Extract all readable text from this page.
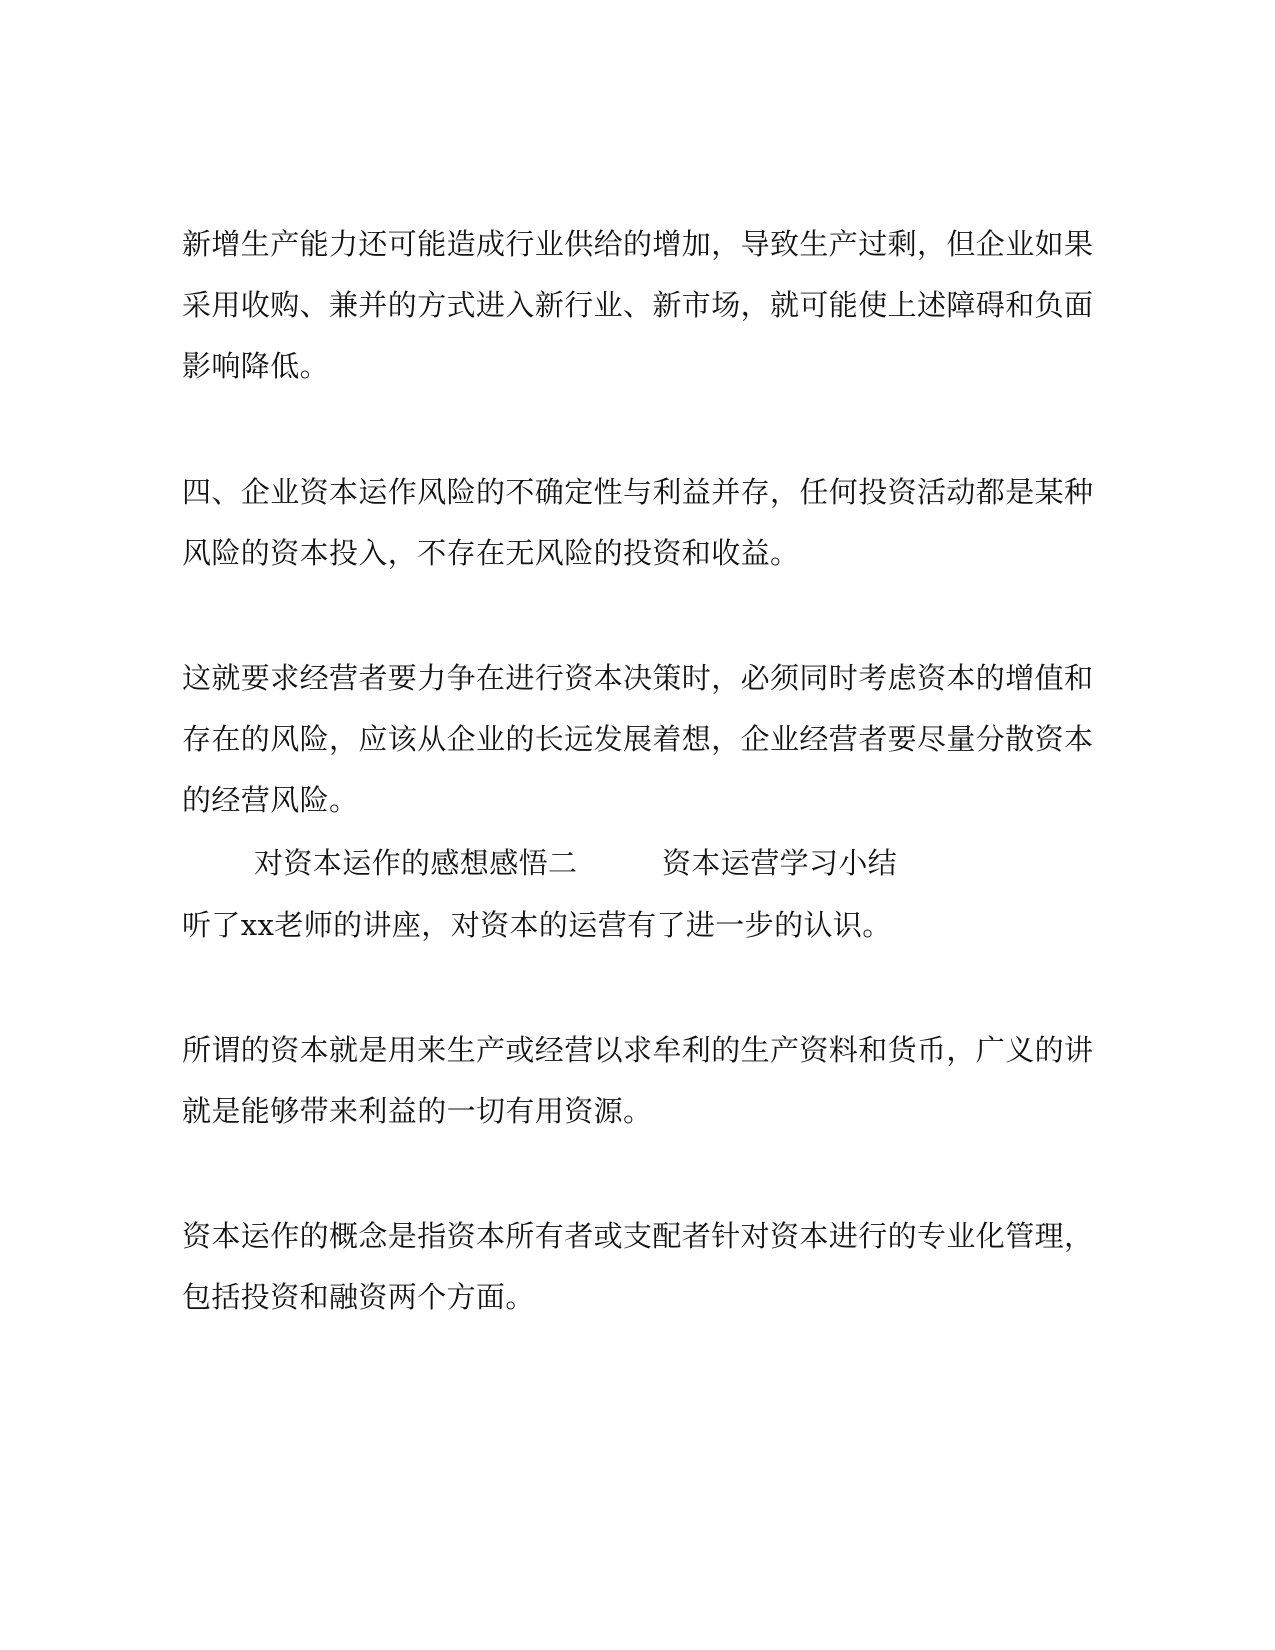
新增生产能力还可能造成行业供给的增加，导致生产过剩，但企业如果
采用收购、兼并的方式进入新行业、新市场，就可能使上述障碍和负面
影响降低。
四、企业资本运作风险的不确定性与利益并存，任何投资活动都是某种
风险的资本投入，不存在无风险的投资和收益。
这就要求经营者要力争在进行资本决策时，必须同时考虑资本的增值和
存在的风险，应该从企业的长远发展着想，企业经营者要尽量分散资本
的经营风险。
对资本运作的感想感悟二	资本运营学习小结
听了xx老师的讲座，对资本的运营有了进一步的认识。
所谓的资本就是用来生产或经营以求牟利的生产资料和货币，广义的讲
就是能够带来利益的一切有用资源。
资本运作的概念是指资本所有者或支配者针对资本进行的专业化管理，
包括投资和融资两个方面。
